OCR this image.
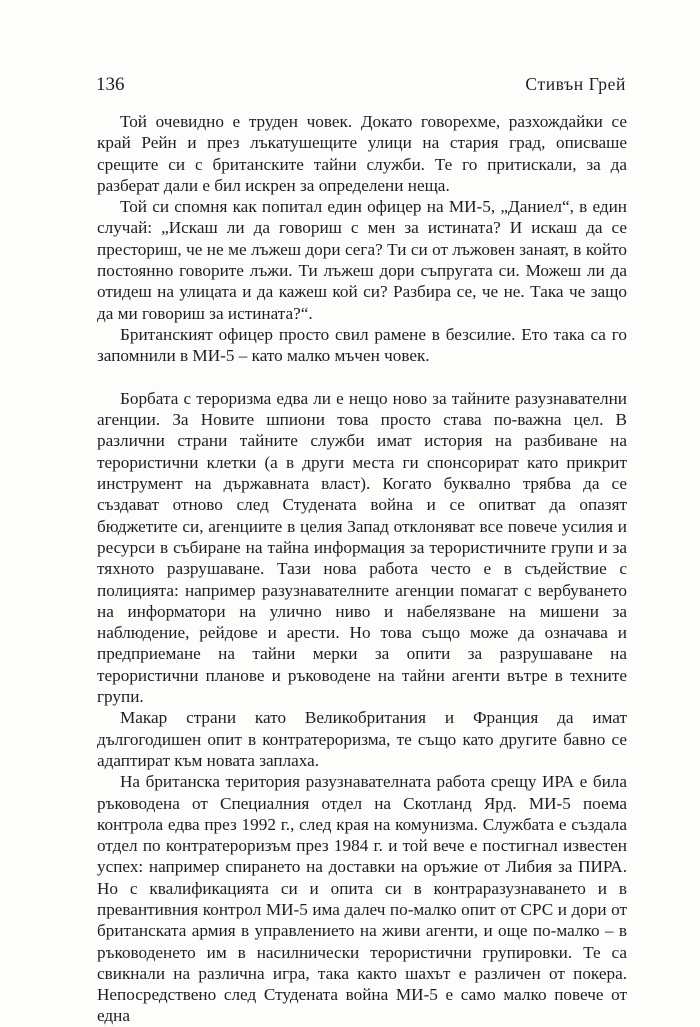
136	Стивън Грей

Той очевидно е труден човек. Докато говорехме, разхождайки се край Рейн и през лъкатушещите улици на стария град, описваше срещите си с британските тайни служби. Те го притискали, за да разберат дали е бил искрен за определени неща.

Той си спомня как попитал един офицер на МИ-5, „Даниел“, в един случай: „Искаш ли да говориш с мен за истината? И искаш да се престориш, че не ме лъжеш дори сега? Ти си от лъжовен занаят, в който постоянно говорите лъжи. Ти лъжеш дори съпругата си. Можеш ли да отидеш на улицата и да кажеш кой си? Разбира се, че не. Така че защо да ми говориш за истината?“.

Британският офицер просто свил рамене в безсилие. Ето така са го запомнили в МИ-5 – като малко мъчен човек.

Борбата с тероризма едва ли е нещо ново за тайните разузнавателни агенции. За Новите шпиони това просто става по-важна цел. В различни страни тайните служби имат история на разбиване на терористични клетки (а в други места ги спонсорират като прикрит инструмент на държавната власт). Когато буквално трябва да се създават отново след Студената война и се опитват да опазят бюджетите си, агенциите в целия Запад отклоняват все повече усилия и ресурси в събиране на тайна информация за терористичните групи и за тяхното разрушаване. Тази нова работа често е в съдействие с полицията: например разузнавателните агенции помагат с вербуването на информатори на улично ниво и набелязване на мишени за наблюдение, рейдове и арести. Но това също може да означава и предприемане на тайни мерки за опити за разрушаване на терористични планове и ръководене на тайни агенти вътре в техните групи.

Макар страни като Великобритания и Франция да имат дългогодишен опит в контратероризма, те също като другите бавно се адаптират към новата заплаха.

На британска територия разузнавателната работа срещу ИРА е била ръководена от Специалния отдел на Скотланд Ярд. МИ-5 поема контрола едва през 1992 г., след края на комунизма. Службата е създала отдел по контратероризъм през 1984 г. и той вече е постигнал известен успех: например спирането на доставки на оръжие от Либия за ПИРА. Но с квалификацията си и опита си в контраразузнаването и в превантивния контрол МИ-5 има далеч по-малко опит от СРС и дори от британската армия в управлението на живи агенти, и още по-малко – в ръководенето им в насилнически терористични групировки. Те са свикнали на различна игра, така както шахът е различен от покера. Непосредствено след Студената война МИ-5 е само малко повече от една
